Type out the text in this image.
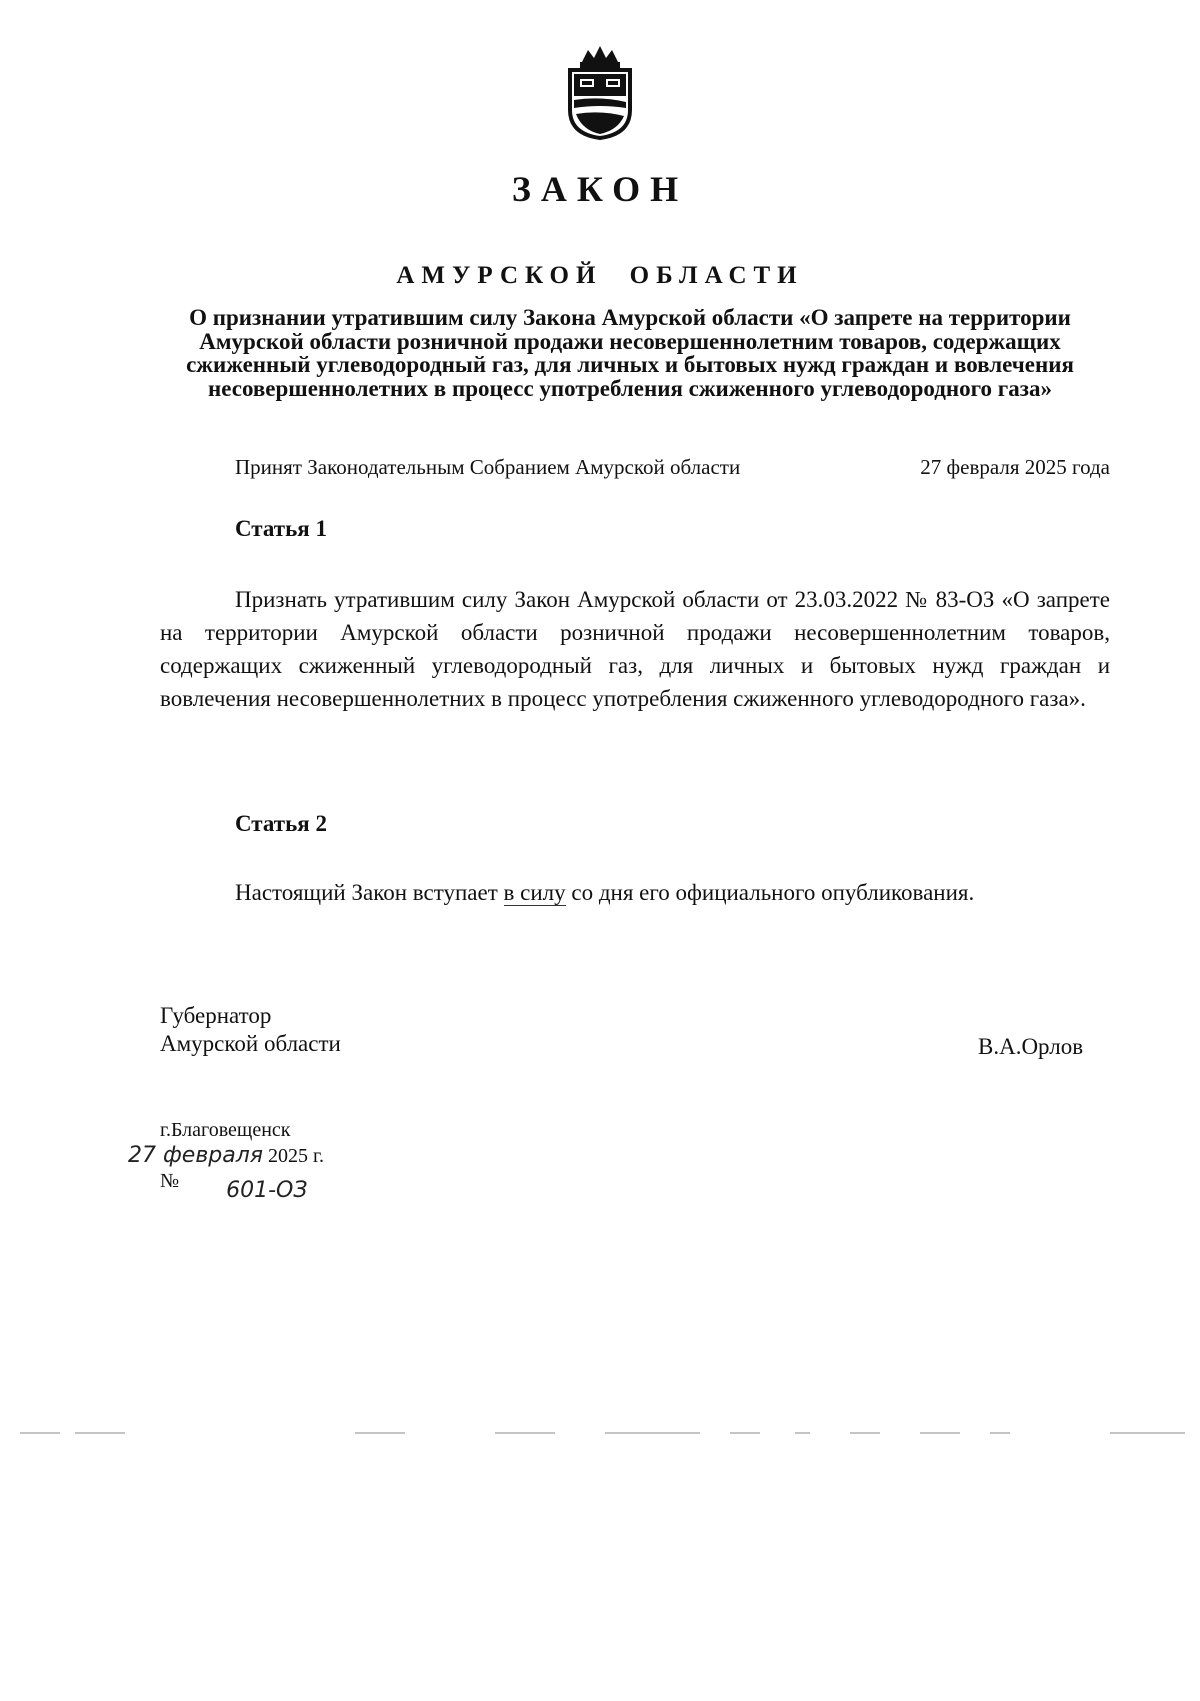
ЗАКОН
АМУРСКОЙ ОБЛАСТИ

О признании утратившим силу Закона Амурской области «О запрете на территории Амурской области розничной продажи несовершеннолетним товаров, содержащих сжиженный углеводородный газ, для личных и бытовых нужд граждан и вовлечения несовершеннолетних в процесс употребления сжиженного углеводородного газа»

Принят Законодательным Собранием Амурской области	27 февраля 2025 года
Статья 1

Признать утратившим силу Закон Амурской области от 23.03.2022 № 83-ОЗ «О запрете на территории Амурской области розничной продажи несовершеннолетним товаров, содержащих сжиженный углеводородный газ, для личных и бытовых нужд граждан и вовлечения несовершеннолетних в процесс употребления сжиженного углеводородного газа».

Статья 2

Настоящий Закон вступает в силу со дня его официального опубликования.

Губернатор
Амурской области	В.А.Орлов
г.Благовещенск
27 февраля 2025 г.
№ 601-ОЗ
